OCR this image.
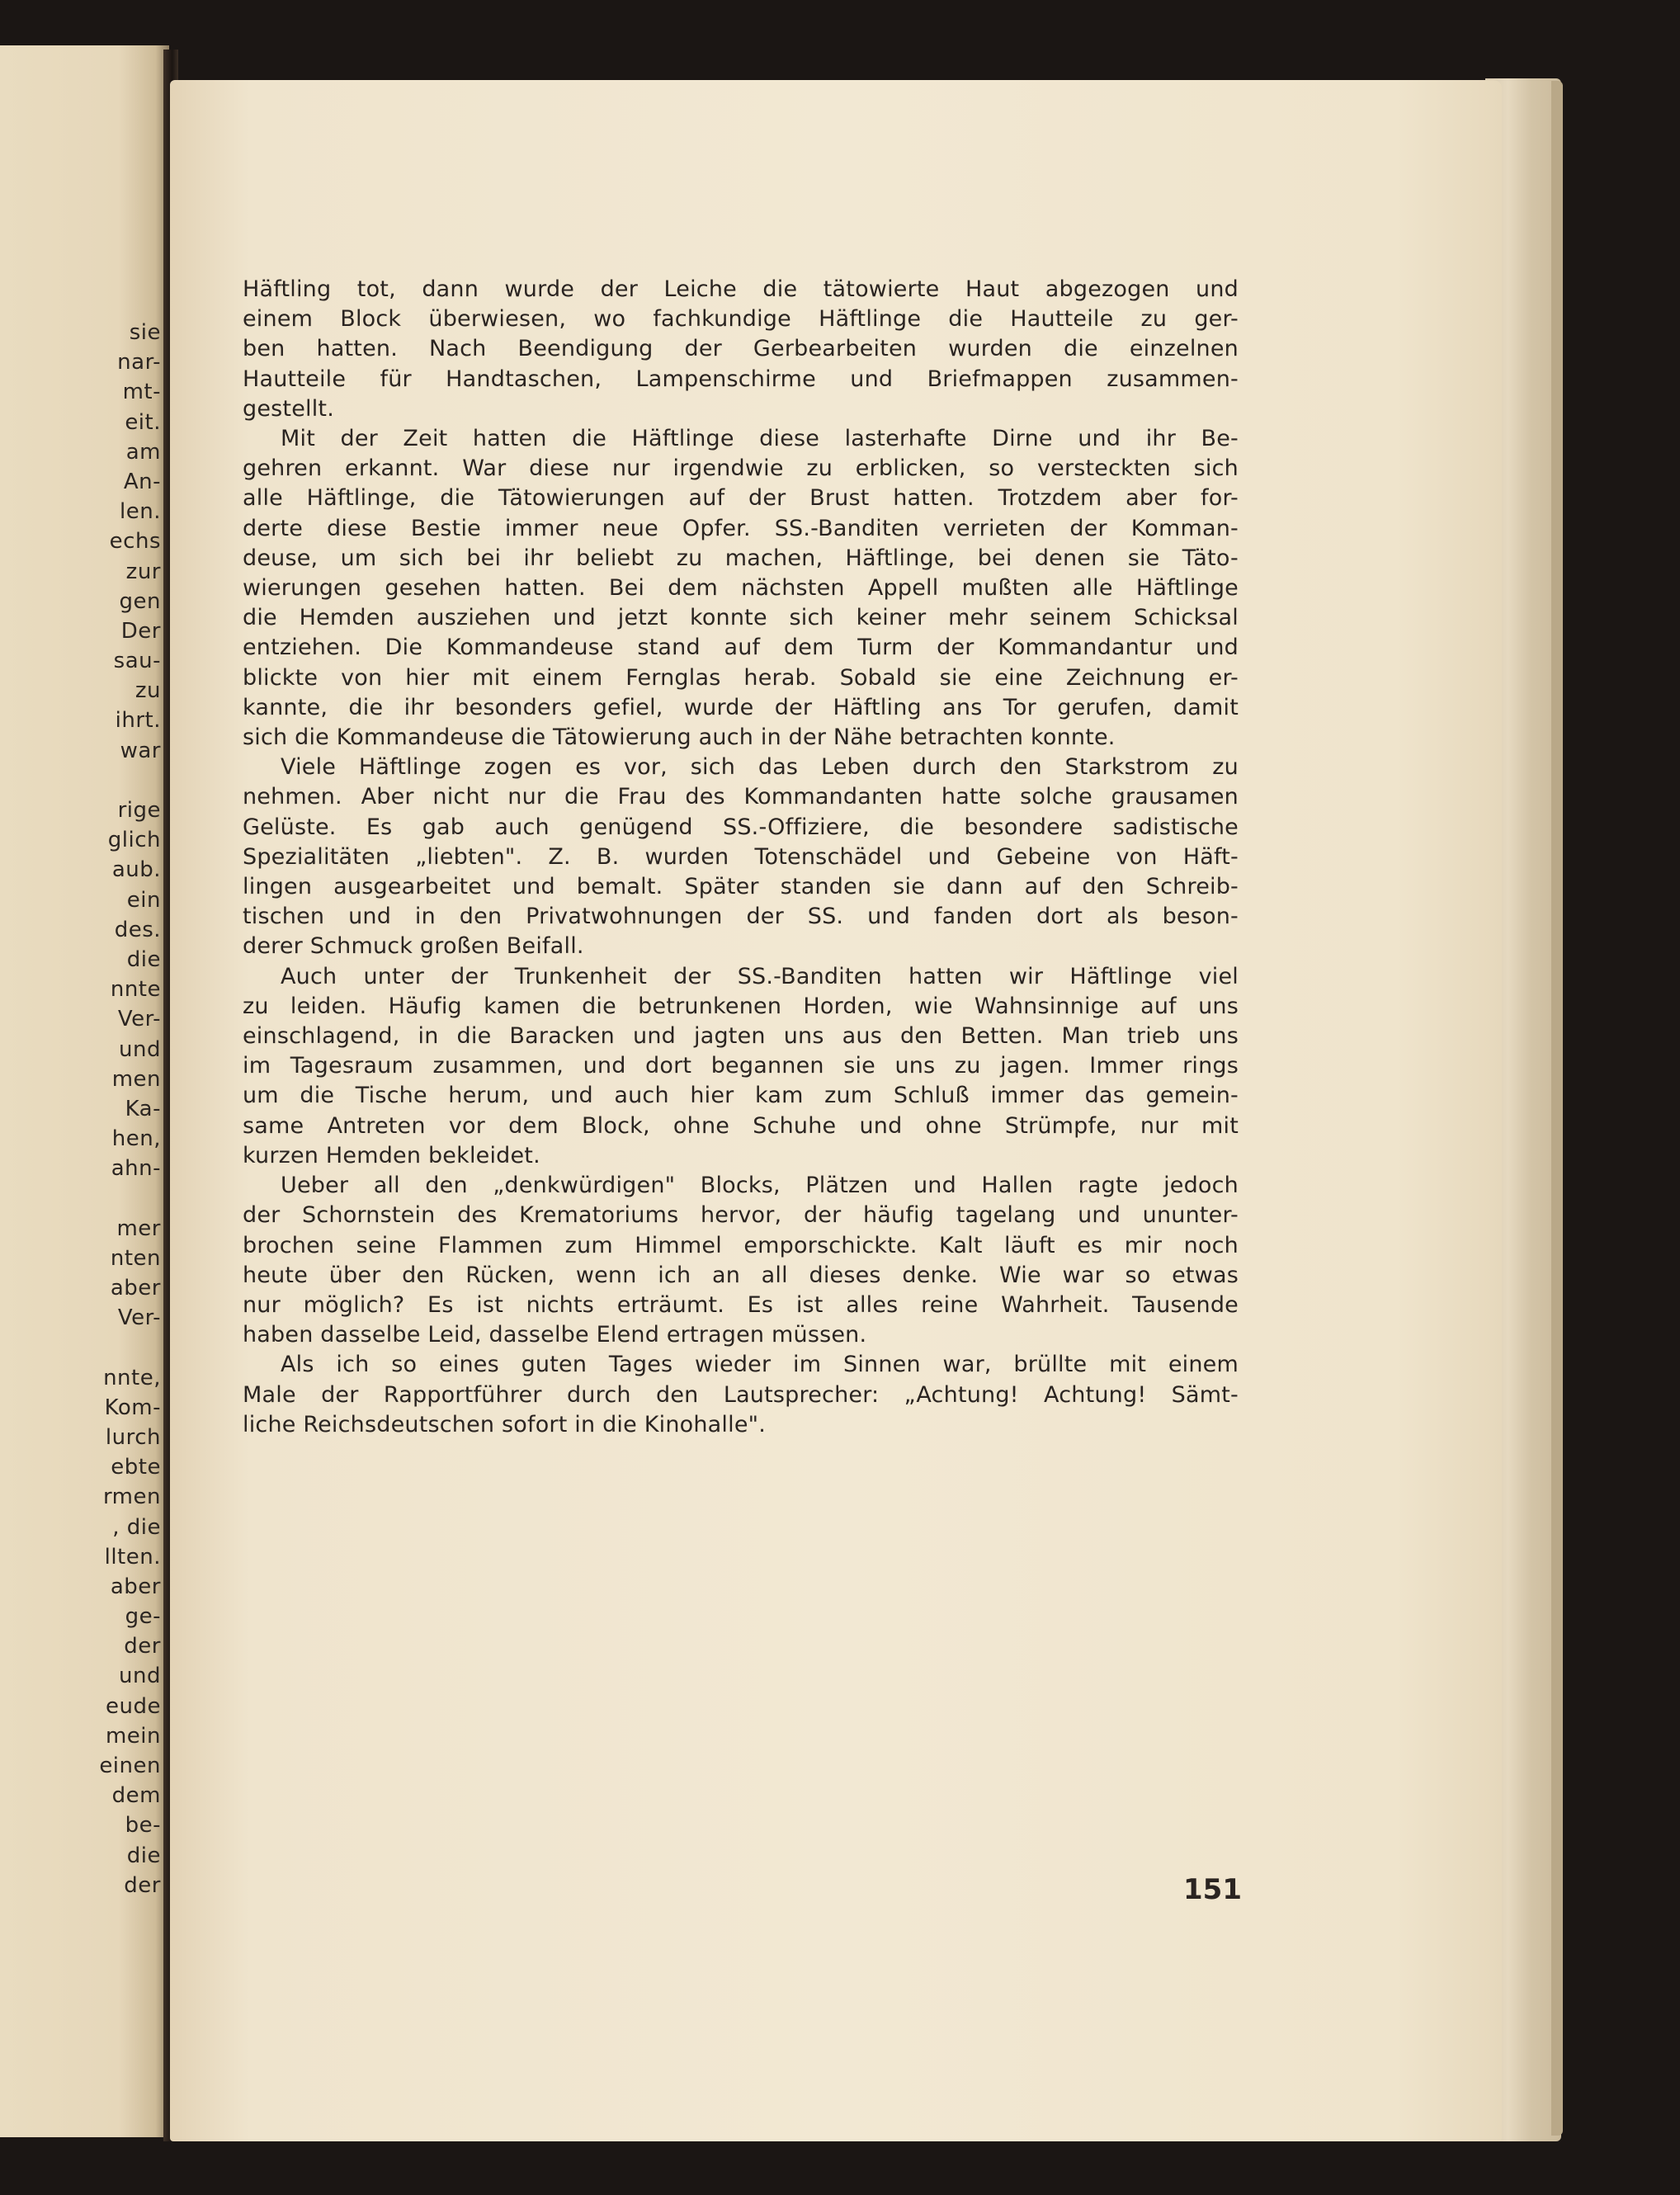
sie
nar-
mt-
eit.
am
An-
len.
echs
zur
gen
Der
sau-
zu
ihrt.
war
rige
glich
aub.
ein
des.
die
nnte
Ver-
und
men
Ka-
hen,
ahn-
mer
nten
aber
Ver-
nnte,
Kom-
lurch
ebte
rmen
, die
llten.
aber
ge-
der
und
eude
mein
einen
dem
be-
die
der

Häftling tot, dann wurde der Leiche die tätowierte Haut abgezogen und

einem Block überwiesen, wo fachkundige Häftlinge die Hautteile zu ger-

ben hatten. Nach Beendigung der Gerbearbeiten wurden die einzelnen

Hautteile für Handtaschen, Lampenschirme und Briefmappen zusammen-

gestellt.

Mit der Zeit hatten die Häftlinge diese lasterhafte Dirne und ihr Be-

gehren erkannt. War diese nur irgendwie zu erblicken, so versteckten sich

alle Häftlinge, die Tätowierungen auf der Brust hatten. Trotzdem aber for-

derte diese Bestie immer neue Opfer. SS.-Banditen verrieten der Komman-

deuse, um sich bei ihr beliebt zu machen, Häftlinge, bei denen sie Täto-

wierungen gesehen hatten. Bei dem nächsten Appell mußten alle Häftlinge

die Hemden ausziehen und jetzt konnte sich keiner mehr seinem Schicksal

entziehen. Die Kommandeuse stand auf dem Turm der Kommandantur und

blickte von hier mit einem Fernglas herab. Sobald sie eine Zeichnung er-

kannte, die ihr besonders gefiel, wurde der Häftling ans Tor gerufen, damit

sich die Kommandeuse die Tätowierung auch in der Nähe betrachten konnte.

Viele Häftlinge zogen es vor, sich das Leben durch den Starkstrom zu

nehmen. Aber nicht nur die Frau des Kommandanten hatte solche grausamen

Gelüste. Es gab auch genügend SS.-Offiziere, die besondere sadistische

Spezialitäten „liebten". Z. B. wurden Totenschädel und Gebeine von Häft-

lingen ausgearbeitet und bemalt. Später standen sie dann auf den Schreib-

tischen und in den Privatwohnungen der SS. und fanden dort als beson-

derer Schmuck großen Beifall.

Auch unter der Trunkenheit der SS.-Banditen hatten wir Häftlinge viel

zu leiden. Häufig kamen die betrunkenen Horden, wie Wahnsinnige auf uns

einschlagend, in die Baracken und jagten uns aus den Betten. Man trieb uns

im Tagesraum zusammen, und dort begannen sie uns zu jagen. Immer rings

um die Tische herum, und auch hier kam zum Schluß immer das gemein-

same Antreten vor dem Block, ohne Schuhe und ohne Strümpfe, nur mit

kurzen Hemden bekleidet.

Ueber all den „denkwürdigen" Blocks, Plätzen und Hallen ragte jedoch

der Schornstein des Krematoriums hervor, der häufig tagelang und ununter-

brochen seine Flammen zum Himmel emporschickte. Kalt läuft es mir noch

heute über den Rücken, wenn ich an all dieses denke. Wie war so etwas

nur möglich? Es ist nichts erträumt. Es ist alles reine Wahrheit. Tausende

haben dasselbe Leid, dasselbe Elend ertragen müssen.

Als ich so eines guten Tages wieder im Sinnen war, brüllte mit einem

Male der Rapportführer durch den Lautsprecher: „Achtung! Achtung! Sämt-

liche Reichsdeutschen sofort in die Kinohalle".

151
